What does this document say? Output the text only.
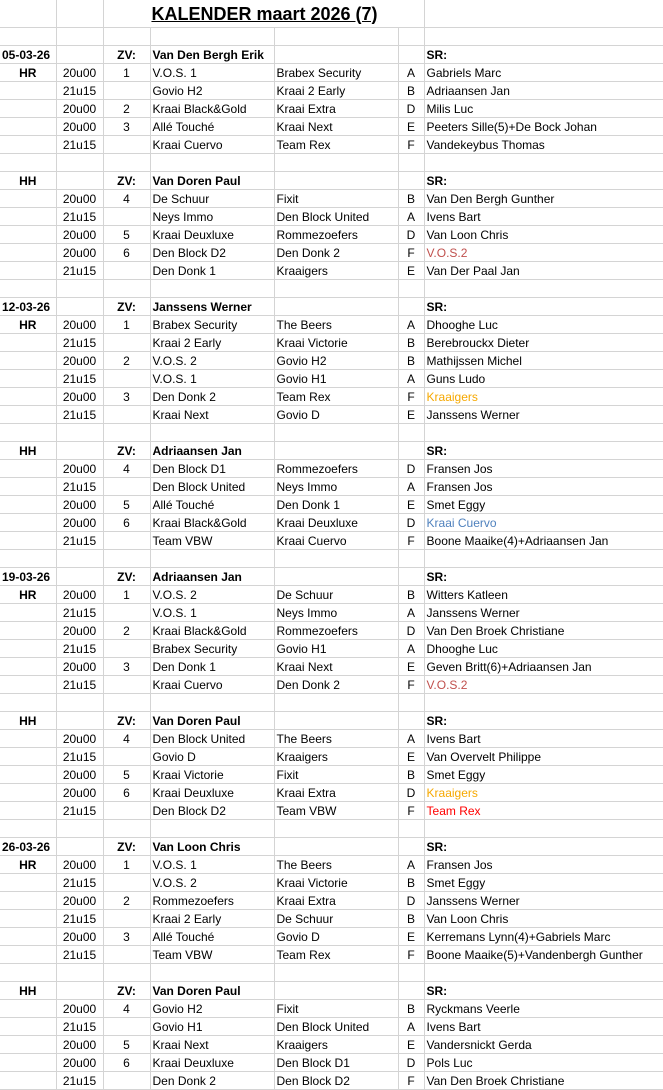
		KALENDER maart 2026 (7)				

05-03-26		ZV:	Van Den Bergh Erik			SR:
HR	20u00	1	V.O.S. 1	Brabex Security	A	Gabriels Marc
	21u15		Govio H2	Kraai 2 Early	B	Adriaansen Jan
	20u00	2	Kraai Black&Gold	Kraai Extra	D	Milis Luc
	20u00	3	Allé Touché	Kraai Next	E	Peeters Sille(5)+De Bock Johan
	21u15		Kraai Cuervo	Team Rex	F	Vandekeybus Thomas

HH		ZV:	Van Doren Paul			SR:
	20u00	4	De Schuur	Fixit	B	Van Den Bergh Gunther
	21u15		Neys Immo	Den Block United	A	Ivens Bart
	20u00	5	Kraai Deuxluxe	Rommezoefers	D	Van Loon Chris
	20u00	6	Den Block D2	Den Donk 2	F	V.O.S.2
	21u15		Den Donk 1	Kraaigers	E	Van Der Paal Jan

12-03-26		ZV:	Janssens Werner			SR:
HR	20u00	1	Brabex Security	The Beers	A	Dhooghe Luc
	21u15		Kraai 2 Early	Kraai Victorie	B	Berebrouckx Dieter
	20u00	2	V.O.S. 2	Govio H2	B	Mathijssen Michel
	21u15		V.O.S. 1	Govio H1	A	Guns Ludo
	20u00	3	Den Donk 2	Team Rex	F	Kraaigers
	21u15		Kraai Next	Govio D	E	Janssens Werner

HH		ZV:	Adriaansen Jan			SR:
	20u00	4	Den Block D1	Rommezoefers	D	Fransen Jos
	21u15		Den Block United	Neys Immo	A	Fransen Jos
	20u00	5	Allé Touché	Den Donk 1	E	Smet Eggy
	20u00	6	Kraai Black&Gold	Kraai Deuxluxe	D	Kraai Cuervo
	21u15		Team VBW	Kraai Cuervo	F	Boone Maaike(4)+Adriaansen Jan

19-03-26		ZV:	Adriaansen Jan			SR:
HR	20u00	1	V.O.S. 2	De Schuur	B	Witters Katleen
	21u15		V.O.S. 1	Neys Immo	A	Janssens Werner
	20u00	2	Kraai Black&Gold	Rommezoefers	D	Van Den Broek Christiane
	21u15		Brabex Security	Govio H1	A	Dhooghe Luc
	20u00	3	Den Donk 1	Kraai Next	E	Geven Britt(6)+Adriaansen Jan
	21u15		Kraai Cuervo	Den Donk 2	F	V.O.S.2

HH		ZV:	Van Doren Paul			SR:
	20u00	4	Den Block United	The Beers	A	Ivens Bart
	21u15		Govio D	Kraaigers	E	Van Overvelt Philippe
	20u00	5	Kraai Victorie	Fixit	B	Smet Eggy
	20u00	6	Kraai Deuxluxe	Kraai Extra	D	Kraaigers
	21u15		Den Block D2	Team VBW	F	Team Rex

26-03-26		ZV:	Van Loon Chris			SR:
HR	20u00	1	V.O.S. 1	The Beers	A	Fransen Jos
	21u15		V.O.S. 2	Kraai Victorie	B	Smet Eggy
	20u00	2	Rommezoefers	Kraai Extra	D	Janssens Werner
	21u15		Kraai 2 Early	De Schuur	B	Van Loon Chris
	20u00	3	Allé Touché	Govio D	E	Kerremans Lynn(4)+Gabriels Marc
	21u15		Team VBW	Team Rex	F	Boone Maaike(5)+Vandenbergh Gunther

HH		ZV:	Van Doren Paul			SR:
	20u00	4	Govio H2	Fixit	B	Ryckmans Veerle
	21u15		Govio H1	Den Block United	A	Ivens Bart
	20u00	5	Kraai Next	Kraaigers	E	Vandersnickt Gerda
	20u00	6	Kraai Deuxluxe	Den Block D1	D	Pols Luc
	21u15		Den Donk 2	Den Block D2	F	Van Den Broek Christiane
